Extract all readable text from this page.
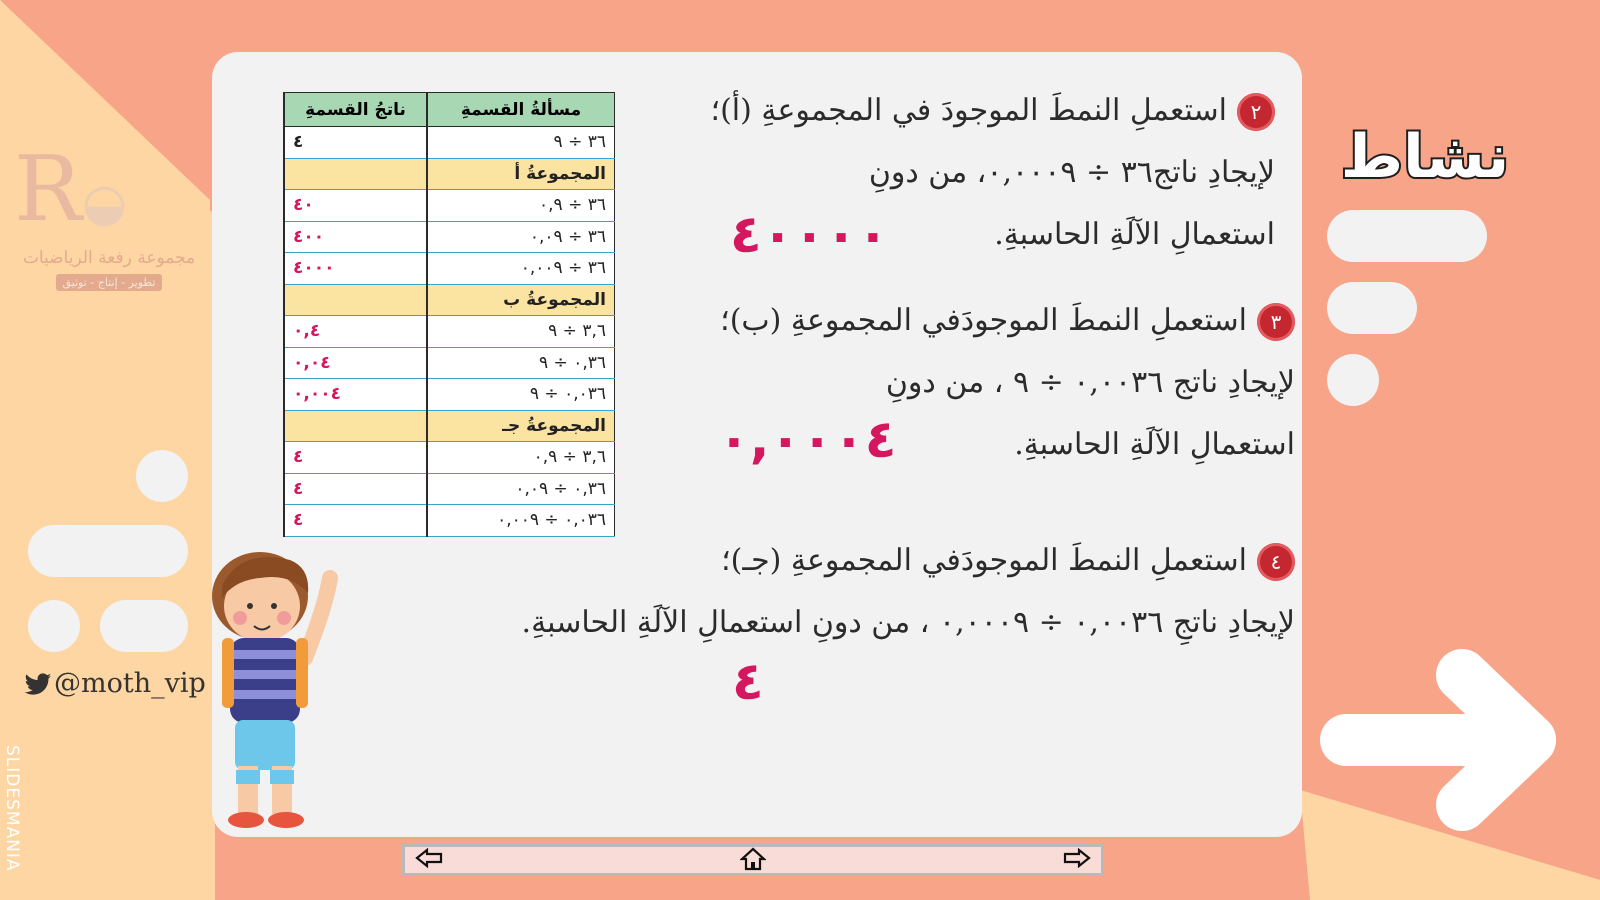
نشاط
R◒
مجموعة رفعة الرياضيات
تطوير - إنتاج - توثيق
@moth_vip
SLIDESMANIA
مسألةُ القسمةِ	ناتجُ القسمةِ
٣٦ ÷ ٩	٤
المجموعةُ أ	
٣٦ ÷ ٠,٩	٤٠
٣٦ ÷ ٠,٠٩	٤٠٠
٣٦ ÷ ٠,٠٠٩	٤٠٠٠
المجموعةُ ب	
٣,٦ ÷ ٩	٠,٤
٠,٣٦ ÷ ٩	٠,٠٤
٠,٠٣٦ ÷ ٩	٠,٠٠٤
المجموعةُ جـ	
٣,٦ ÷ ٠,٩	٤
٠,٣٦ ÷ ٠,٠٩	٤
٠,٠٣٦ ÷ ٠,٠٠٩	٤
٢استعملِ النمطَ الموجودَ في المجموعةِ (أ)؛
لإيجادِ ناتج٣٦ ÷ ٠,٠٠٠٩، من دونِ
استعمالِ الآلَةِ الحاسبةِ.
٤٠٠٠٠
٣استعملِ النمطَ الموجودَفي المجموعةِ (ب)؛
لإيجادِ ناتج ٠,٠٠٣٦ ÷ ٩ ، من دونِ
استعمالِ الآلَةِ الحاسبةِ.
٠,٠٠٠٤
٤استعملِ النمطَ الموجودَفي المجموعةِ (جـ)؛
لإيجادِ ناتجِ ٠,٠٠٣٦ ÷ ٠,٠٠٠٩ ، من دونِ استعمالِ الآلَةِ الحاسبةِ.
٤
